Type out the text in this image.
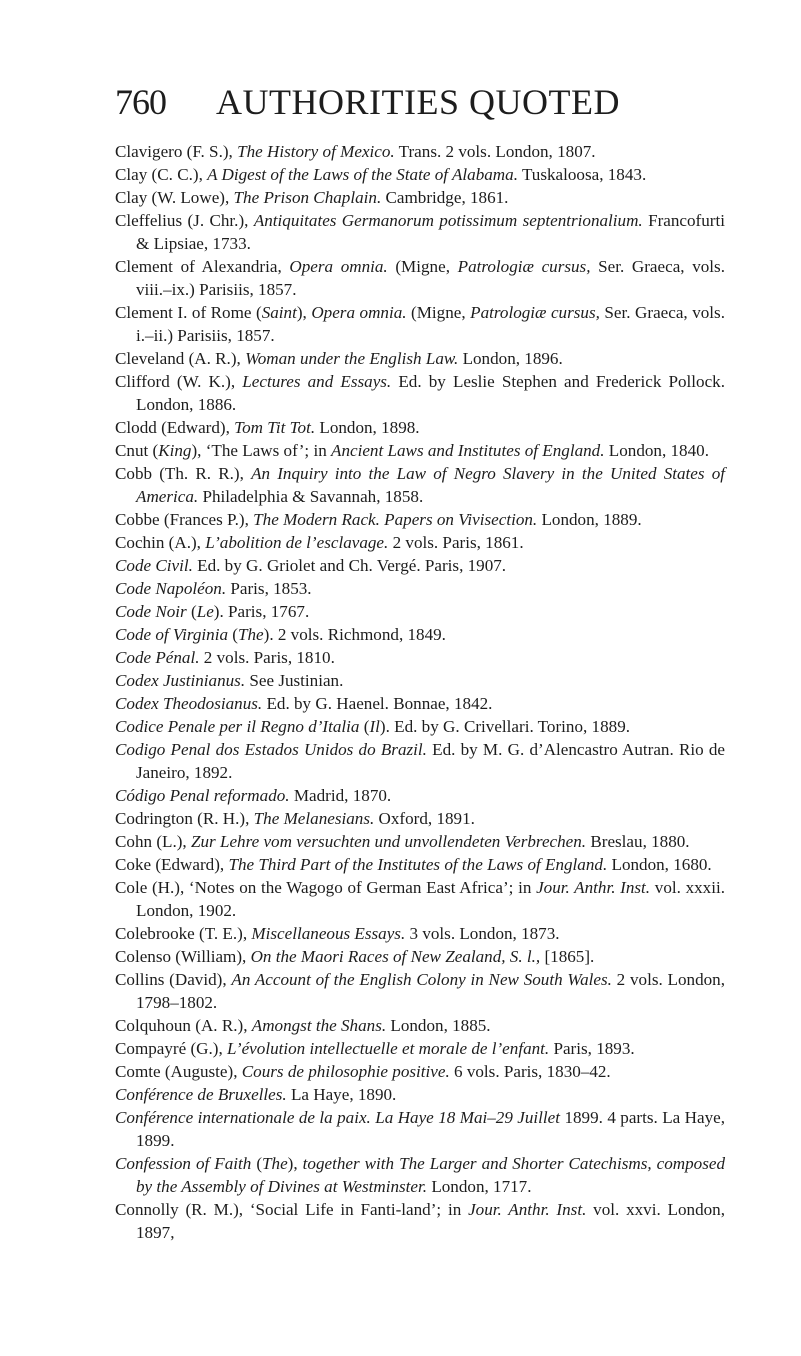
760	AUTHORITIES QUOTED
Clavigero (F. S.), The History of Mexico. Trans. 2 vols. London, 1807.
Clay (C. C.), A Digest of the Laws of the State of Alabama. Tuskaloosa, 1843.
Clay (W. Lowe), The Prison Chaplain. Cambridge, 1861.
Cleffelius (J. Chr.), Antiquitates Germanorum potissimum septentrionalium. Francofurti & Lipsiae, 1733.
Clement of Alexandria, Opera omnia. (Migne, Patrologiæ cursus, Ser. Graeca, vols. viii.–ix.) Parisiis, 1857.
Clement I. of Rome (Saint), Opera omnia. (Migne, Patrologiæ cursus, Ser. Graeca, vols. i.–ii.) Parisiis, 1857.
Cleveland (A. R.), Woman under the English Law. London, 1896.
Clifford (W. K.), Lectures and Essays. Ed. by Leslie Stephen and Frederick Pollock. London, 1886.
Clodd (Edward), Tom Tit Tot. London, 1898.
Cnut (King), ‘The Laws of’; in Ancient Laws and Institutes of England. London, 1840.
Cobb (Th. R. R.), An Inquiry into the Law of Negro Slavery in the United States of America. Philadelphia & Savannah, 1858.
Cobbe (Frances P.), The Modern Rack. Papers on Vivisection. London, 1889.
Cochin (A.), L’abolition de l’esclavage. 2 vols. Paris, 1861.
Code Civil. Ed. by G. Griolet and Ch. Vergé. Paris, 1907.
Code Napoléon. Paris, 1853.
Code Noir (Le). Paris, 1767.
Code of Virginia (The). 2 vols. Richmond, 1849.
Code Pénal. 2 vols. Paris, 1810.
Codex Justinianus. See Justinian.
Codex Theodosianus. Ed. by G. Haenel. Bonnae, 1842.
Codice Penale per il Regno d’Italia (Il). Ed. by G. Crivellari. Torino, 1889.
Codigo Penal dos Estados Unidos do Brazil. Ed. by M. G. d’Alencastro Autran. Rio de Janeiro, 1892.
Código Penal reformado. Madrid, 1870.
Codrington (R. H.), The Melanesians. Oxford, 1891.
Cohn (L.), Zur Lehre vom versuchten und unvollendeten Verbrechen. Breslau, 1880.
Coke (Edward), The Third Part of the Institutes of the Laws of England. London, 1680.
Cole (H.), ‘Notes on the Wagogo of German East Africa’; in Jour. Anthr. Inst. vol. xxxii. London, 1902.
Colebrooke (T. E.), Miscellaneous Essays. 3 vols. London, 1873.
Colenso (William), On the Maori Races of New Zealand, S. l., [1865].
Collins (David), An Account of the English Colony in New South Wales. 2 vols. London, 1798–1802.
Colquhoun (A. R.), Amongst the Shans. London, 1885.
Compayré (G.), L’évolution intellectuelle et morale de l’enfant. Paris, 1893.
Comte (Auguste), Cours de philosophie positive. 6 vols. Paris, 1830–42.
Conférence de Bruxelles. La Haye, 1890.
Conférence internationale de la paix. La Haye 18 Mai–29 Juillet 1899. 4 parts. La Haye, 1899.
Confession of Faith (The), together with The Larger and Shorter Catechisms, composed by the Assembly of Divines at Westminster. London, 1717.
Connolly (R. M.), ‘Social Life in Fanti-land’; in Jour. Anthr. Inst. vol. xxvi. London, 1897,
